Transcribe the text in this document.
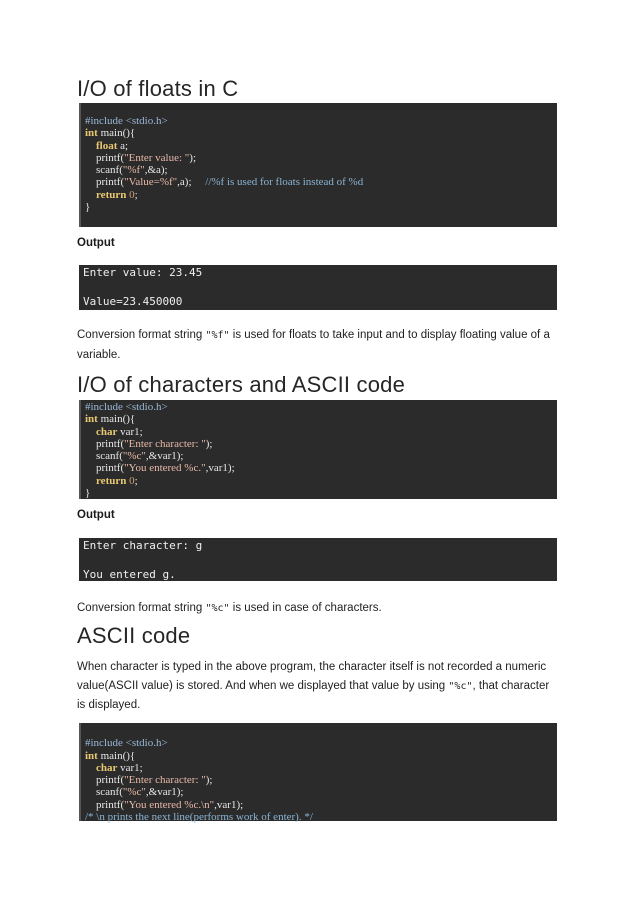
I/O of floats in C
#include <stdio.h>
int main(){
float a;
printf("Enter value: ");
scanf("%f",&a);
printf("Value=%f",a);     //%f is used for floats instead of %d
return 0;
}

Output

Enter value: 23.45
Value=23.450000

Conversion format string "%f" is used for floats to take input and to display floating value of a variable.

I/O of characters and ASCII code
#include <stdio.h>
int main(){
char var1;
printf("Enter character: ");
scanf("%c",&var1);
printf("You entered %c.",var1);
return 0;
}

Output

Enter character: g
You entered g.

Conversion format string "%c" is used in case of characters.

ASCII code

When character is typed in the above program, the character itself is not recorded a numeric value(ASCII value) is stored. And when we displayed that value by using "%c", that character is displayed.

#include <stdio.h>
int main(){
char var1;
printf("Enter character: ");
scanf("%c",&var1);
printf("You entered %c.\n",var1);
/* \n prints the next line(performs work of enter). */
